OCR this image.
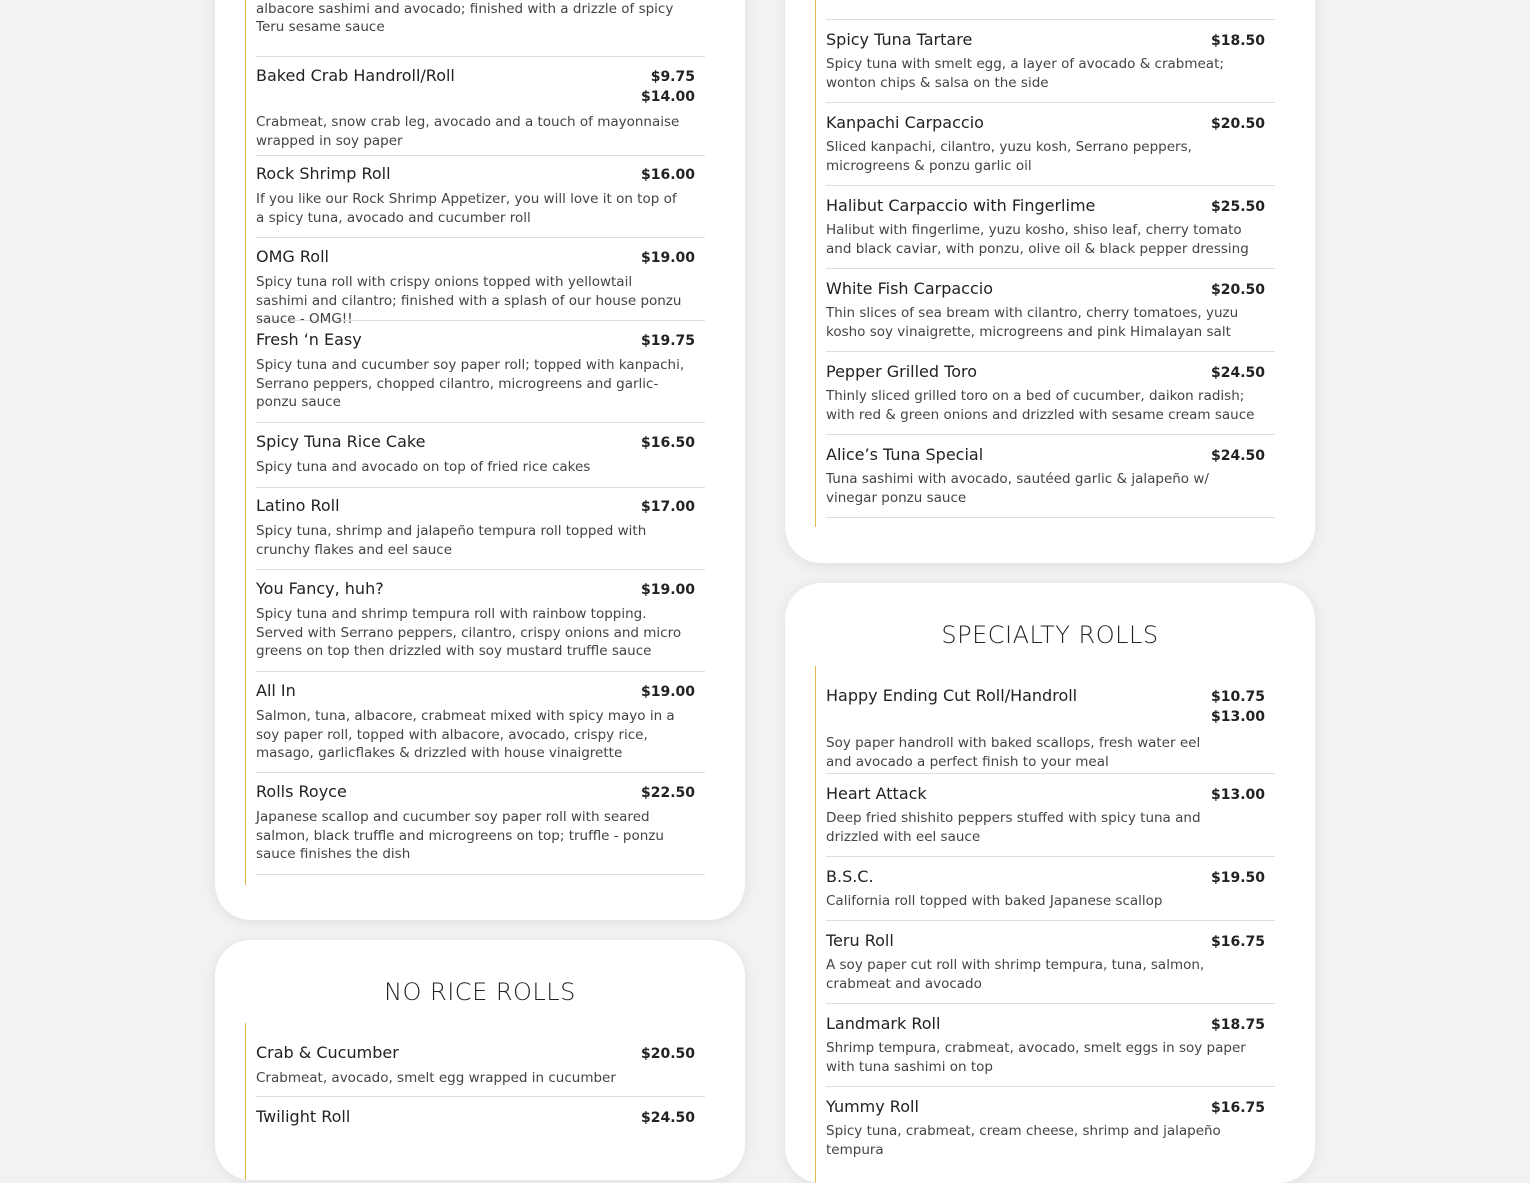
albacore sashimi and avocado; finished with a drizzle of spicy Teru sesame sauce
Baked Crab Handroll/Roll	$9.75
$14.00
Crabmeat, snow crab leg, avocado and a touch of mayonnaise wrapped in soy paper
Rock Shrimp Roll	$16.00
If you like our Rock Shrimp Appetizer, you will love it on top of a spicy tuna, avocado and cucumber roll
OMG Roll	$19.00
Spicy tuna roll with crispy onions topped with yellowtail sashimi and cilantro; finished with a splash of our house ponzu sauce - OMG!!
Fresh ‘n Easy	$19.75
Spicy tuna and cucumber soy paper roll; topped with kanpachi, Serrano peppers, chopped cilantro, microgreens and garlic-ponzu sauce
Spicy Tuna Rice Cake	$16.50
Spicy tuna and avocado on top of fried rice cakes
Latino Roll	$17.00
Spicy tuna, shrimp and jalapeño tempura roll topped with crunchy flakes and eel sauce
You Fancy, huh?	$19.00
Spicy tuna and shrimp tempura roll with rainbow topping. Served with Serrano peppers, cilantro, crispy onions and micro greens on top then drizzled with soy mustard truffle sauce
All In	$19.00
Salmon, tuna, albacore, crabmeat mixed with spicy mayo in a soy paper roll, topped with albacore, avocado, crispy rice, masago, garlicflakes & drizzled with house vinaigrette
Rolls Royce	$22.50
Japanese scallop and cucumber soy paper roll with seared salmon, black truffle and microgreens on top; truffle - ponzu sauce finishes the dish
NO RICE ROLLS
Crab & Cucumber	$20.50
Crabmeat, avocado, smelt egg wrapped in cucumber
Twilight Roll	$24.50
Spicy Tuna Tartare	$18.50
Spicy tuna with smelt egg, a layer of avocado & crabmeat; wonton chips & salsa on the side
Kanpachi Carpaccio	$20.50
Sliced kanpachi, cilantro, yuzu kosh, Serrano peppers, microgreens & ponzu garlic oil
Halibut Carpaccio with Fingerlime	$25.50
Halibut with fingerlime, yuzu kosho, shiso leaf, cherry tomato and black caviar, with ponzu, olive oil & black pepper dressing
White Fish Carpaccio	$20.50
Thin slices of sea bream with cilantro, cherry tomatoes, yuzu kosho soy vinaigrette, microgreens and pink Himalayan salt
Pepper Grilled Toro	$24.50
Thinly sliced grilled toro on a bed of cucumber, daikon radish; with red & green onions and drizzled with sesame cream sauce
Alice’s Tuna Special	$24.50
Tuna sashimi with avocado, sautéed garlic & jalapeño w/ vinegar ponzu sauce
SPECIALTY ROLLS
Happy Ending Cut Roll/Handroll	$10.75
$13.00
Soy paper handroll with baked scallops, fresh water eel and avocado a perfect finish to your meal
Heart Attack	$13.00
Deep fried shishito peppers stuffed with spicy tuna and drizzled with eel sauce
B.S.C.	$19.50
California roll topped with baked Japanese scallop
Teru Roll	$16.75
A soy paper cut roll with shrimp tempura, tuna, salmon, crabmeat and avocado
Landmark Roll	$18.75
Shrimp tempura, crabmeat, avocado, smelt eggs in soy paper with tuna sashimi on top
Yummy Roll	$16.75
Spicy tuna, crabmeat, cream cheese, shrimp and jalapeño tempura
